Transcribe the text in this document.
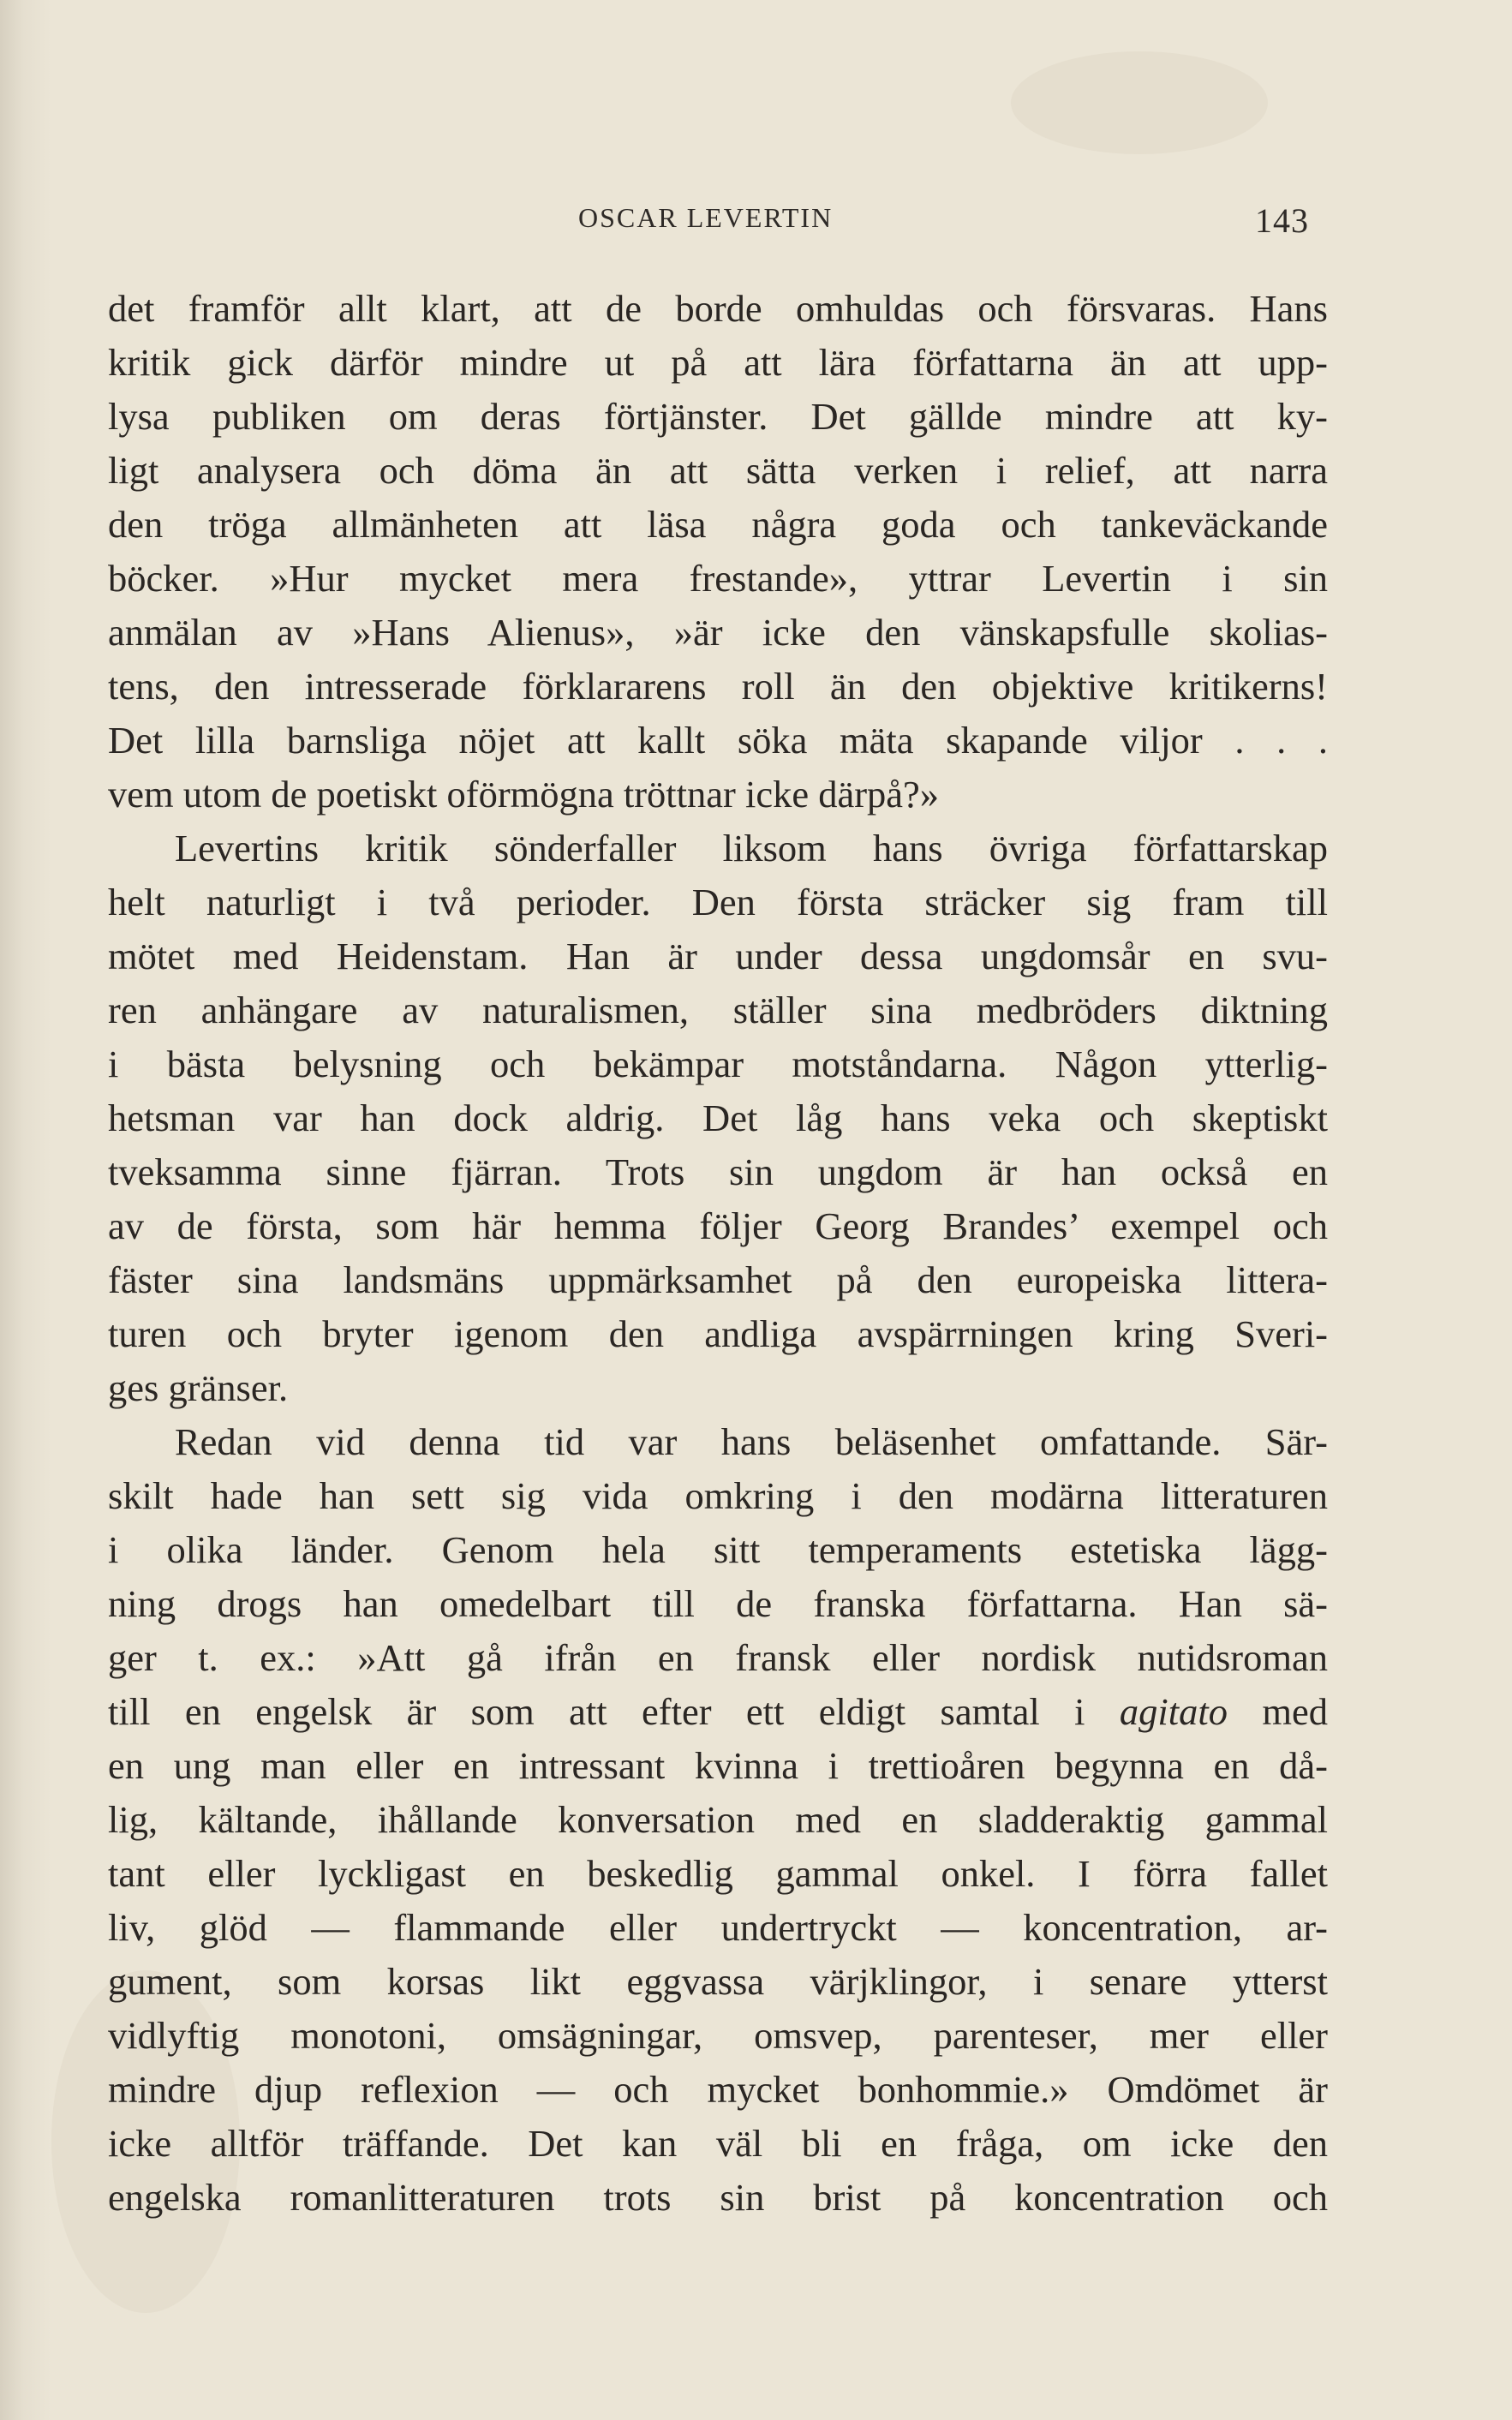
OSCAR LEVERTIN	143
det framför allt klart, att de borde omhuldas och försvaras. Hans
kritik gick därför mindre ut på att lära författarna än att upp-
lysa publiken om deras förtjänster. Det gällde mindre att ky-
ligt analysera och döma än att sätta verken i relief, att narra
den tröga allmänheten att läsa några goda och tankeväckande
böcker. »Hur mycket mera frestande», yttrar Levertin i sin
anmälan av »Hans Alienus», »är icke den vänskapsfulle skolias-
tens, den intresserade förklararens roll än den objektive kritikerns!
Det lilla barnsliga nöjet att kallt söka mäta skapande viljor . . .
vem utom de poetiskt oförmögna tröttnar icke därpå?»
Levertins kritik sönderfaller liksom hans övriga författarskap
helt naturligt i två perioder. Den första sträcker sig fram till
mötet med Heidenstam. Han är under dessa ungdomsår en svu-
ren anhängare av naturalismen, ställer sina medbröders diktning
i bästa belysning och bekämpar motståndarna. Någon ytterlig-
hetsman var han dock aldrig. Det låg hans veka och skeptiskt
tveksamma sinne fjärran. Trots sin ungdom är han också en
av de första, som här hemma följer Georg Brandes’ exempel och
fäster sina landsmäns uppmärksamhet på den europeiska littera-
turen och bryter igenom den andliga avspärrningen kring Sveri-
ges gränser.
Redan vid denna tid var hans beläsenhet omfattande. Sär-
skilt hade han sett sig vida omkring i den modärna litteraturen
i olika länder. Genom hela sitt temperaments estetiska lägg-
ning drogs han omedelbart till de franska författarna. Han sä-
ger t. ex.: »Att gå ifrån en fransk eller nordisk nutidsroman
till en engelsk är som att efter ett eldigt samtal i agitato med
en ung man eller en intressant kvinna i trettioåren begynna en då-
lig, kältande, ihållande konversation med en sladderaktig gammal
tant eller lyckligast en beskedlig gammal onkel. I förra fallet
liv, glöd — flammande eller undertryckt — koncentration, ar-
gument, som korsas likt eggvassa värjklingor, i senare ytterst
vidlyftig monotoni, omsägningar, omsvep, parenteser, mer eller
mindre djup reflexion — och mycket bonhommie.» Omdömet är
icke alltför träffande. Det kan väl bli en fråga, om icke den
engelska romanlitteraturen trots sin brist på koncentration och
